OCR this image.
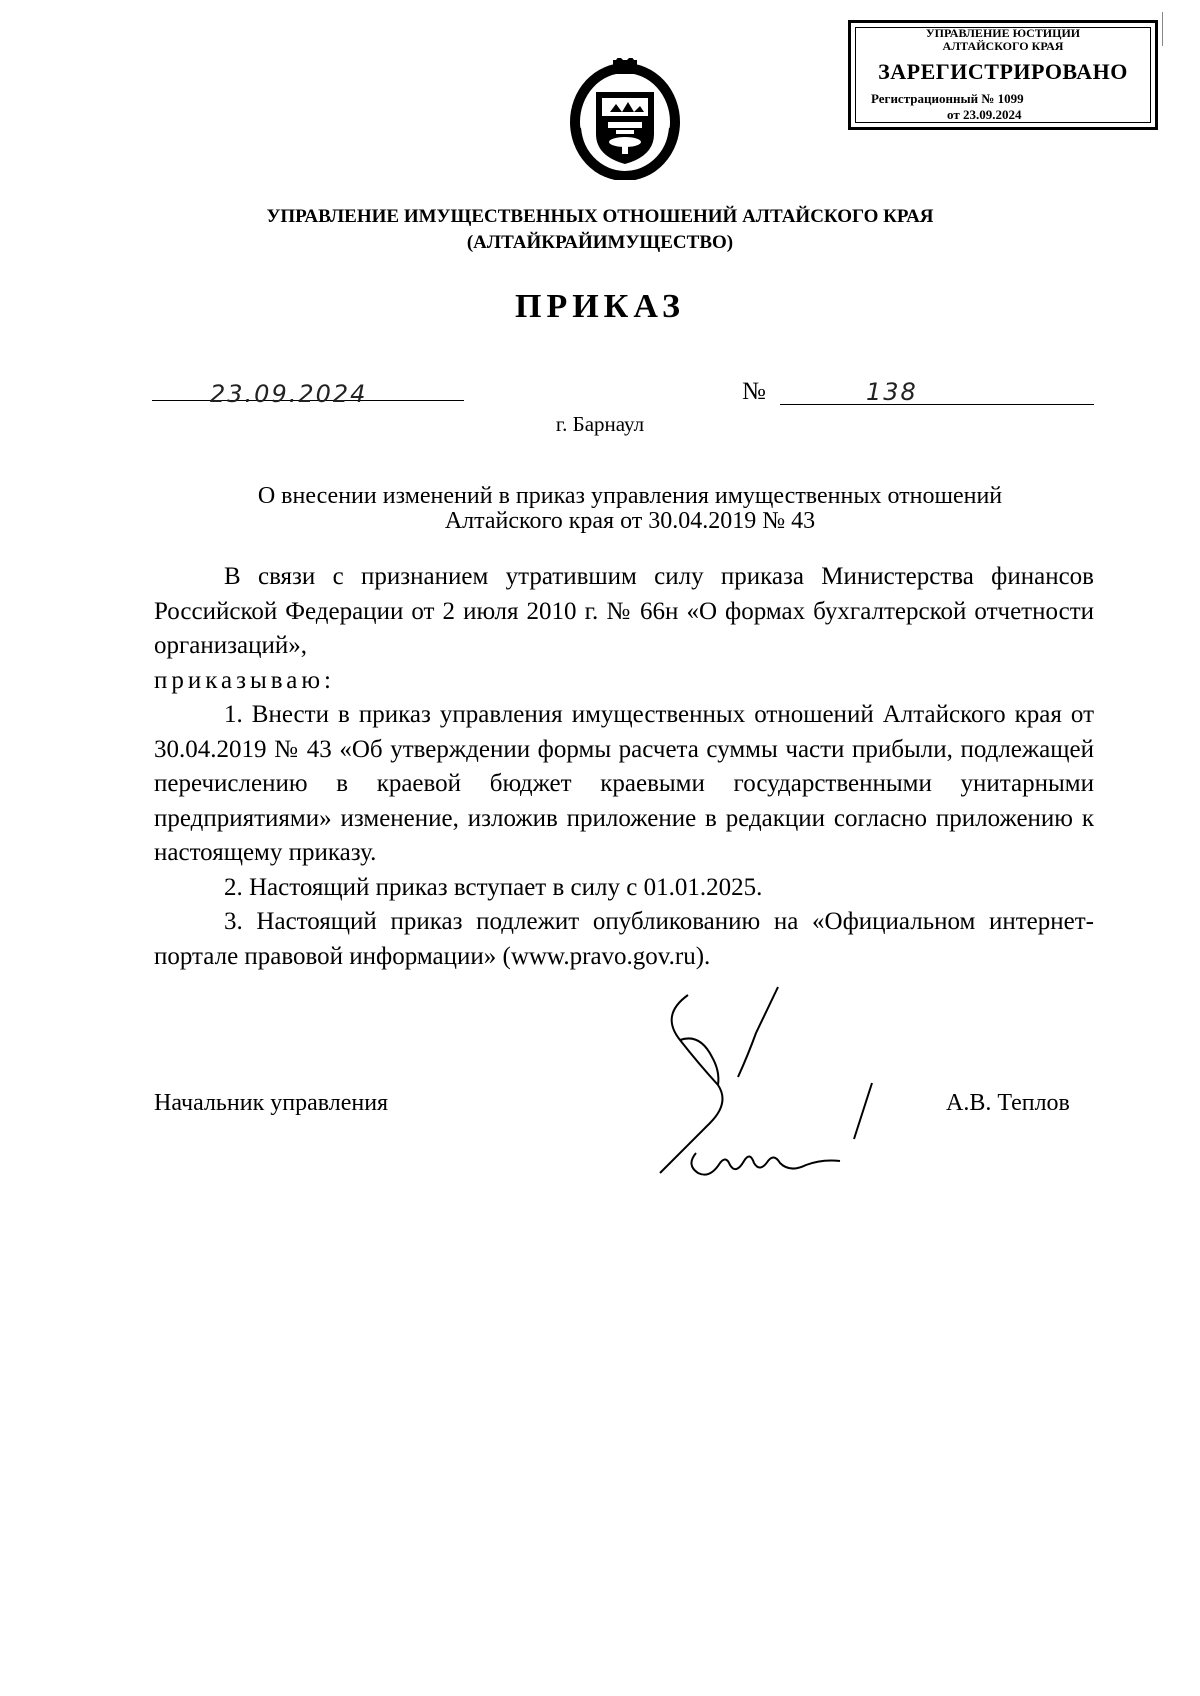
УПРАВЛЕНИЕ ЮСТИЦИИ
АЛТАЙСКОГО КРАЯ
ЗАРЕГИСТРИРОВАНО
Регистрационный № 1099
от 23.09.2024
УПРАВЛЕНИЕ ИМУЩЕСТВЕННЫХ ОТНОШЕНИЙ АЛТАЙСКОГО КРАЯ
(АЛТАЙКРАЙИМУЩЕСТВО)
ПРИКАЗ
23.09.2024	№	138
г. Барнаул
О внесении изменений в приказ управления имущественных отношений
Алтайского края от 30.04.2019 № 43

В связи с признанием утратившим силу приказа Министерства финансов Российской Федерации от 2 июля 2010 г. № 66н «О формах бухгалтерской отчетности организаций»,

приказываю:

1. Внести в приказ управления имущественных отношений Алтайского края от 30.04.2019 № 43 «Об утверждении формы расчета суммы части прибыли, подлежащей перечислению в краевой бюджет краевыми государственными унитарными предприятиями» изменение, изложив приложение в редакции согласно приложению к настоящему приказу.

2. Настоящий приказ вступает в силу с 01.01.2025.

3. Настоящий приказ подлежит опубликованию на «Официальном интернет-портале правовой информации» (www.pravo.gov.ru).

Начальник управления	А.В. Теплов
